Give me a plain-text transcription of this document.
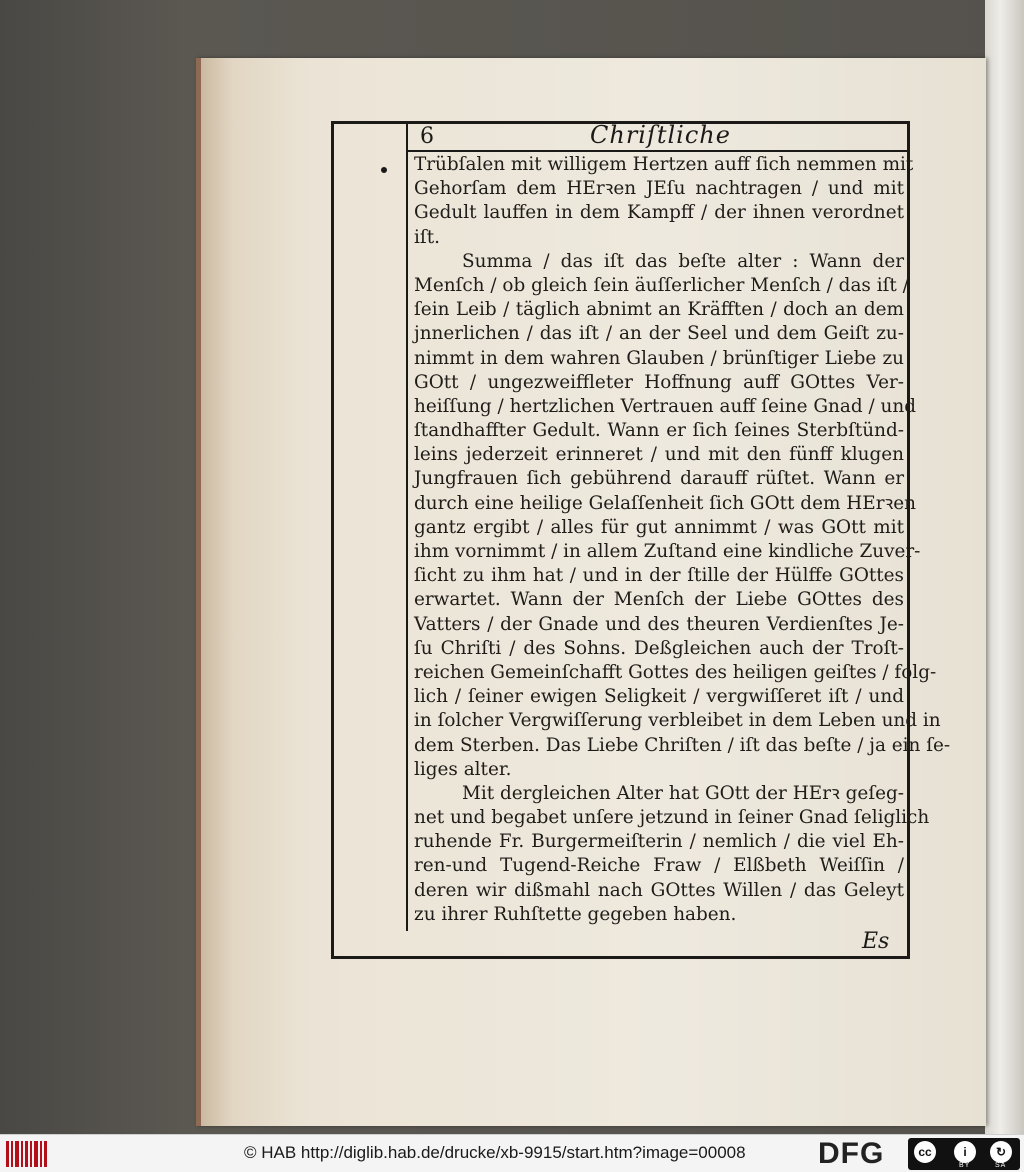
6	Chriſtliche
Trübſalen mit willigem Hertzen auff ſich nemmen mit
Gehorſam dem HErꝛen JEſu nachtragen / und mit
Gedult lauffen in dem Kampff / der ihnen verordnet
iſt.
Summa / das iſt das beſte alter : Wann der
Menſch / ob gleich ſein äuſſerlicher Menſch / das iſt /
ſein Leib / täglich abnimt an Kräfften / doch an dem
jnnerlichen / das iſt / an der Seel und dem Geiſt zu-
nimmt in dem wahren Glauben / brünſtiger Liebe zu
GOtt / ungezweiffleter Hoffnung auff GOttes Ver-
heiſſung / hertzlichen Vertrauen auff ſeine Gnad / und
ſtandhaffter Gedult. Wann er ſich ſeines Sterbſtünd-
leins jederzeit erinneret / und mit den fünff klugen
Jungfrauen ſich gebührend darauff rüſtet. Wann er
durch eine heilige Gelaſſenheit ſich GOtt dem HErꝛen
gantz ergibt / alles für gut annimmt / was GOtt mit
ihm vornimmt / in allem Zuſtand eine kindliche Zuver-
ſicht zu ihm hat / und in der ſtille der Hülffe GOttes
erwartet. Wann der Menſch der Liebe GOttes des
Vatters / der Gnade und des theuren Verdienſtes Je-
ſu Chriſti / des Sohns. Deßgleichen auch der Troſt-
reichen Gemeinſchafft Gottes des heiligen geiſtes / folg-
lich / ſeiner ewigen Seligkeit / vergwiſſeret iſt / und
in ſolcher Vergwiſſerung verbleibet in dem Leben und in
dem Sterben. Das Liebe Chriſten / iſt das beſte / ja ein ſe-
liges alter.
Mit dergleichen Alter hat GOtt der HErꝛ geſeg-
net und begabet unſere jetzund in ſeiner Gnad ſeliglich
ruhende Fr. Burgermeiſterin / nemlich / die viel Eh-
ren-und Tugend-Reiche Fraw / Elßbeth Weiſſin /
deren wir dißmahl nach GOttes Willen / das Geleyt
zu ihrer Ruhſtette gegeben haben.
Es
© HAB http://diglib.hab.de/drucke/xb-9915/start.htm?image=00008 DFG	cc	i	↻
BY	SA
